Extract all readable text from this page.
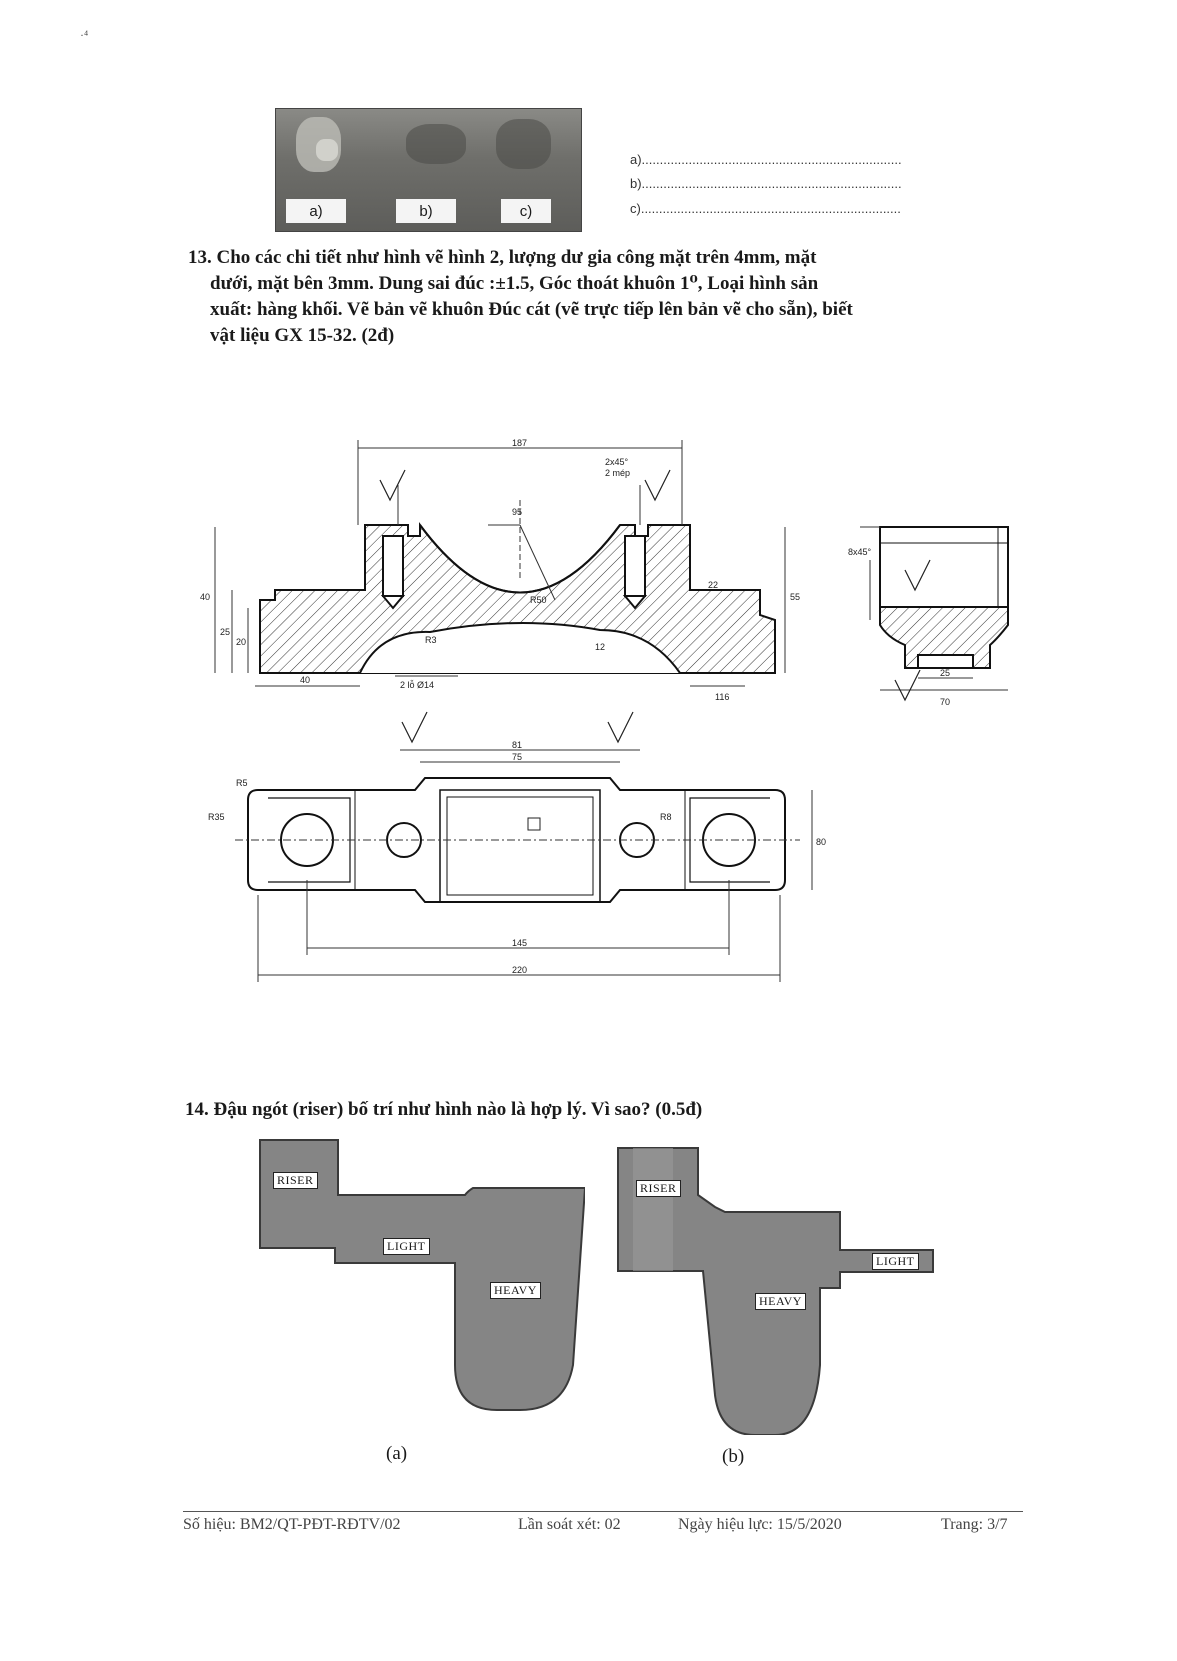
·⁴
a)	b)	c)
a)........................................................................
b)........................................................................
c)........................................................................
13. Cho các chi tiết như hình vẽ hình 2, lượng dư gia công mặt trên 4mm, mặt
dưới, mặt bên 3mm. Dung sai đúc :±1.5, Góc thoát khuôn 1⁰, Loại hình sản
xuất: hàng khối. Vẽ bản vẽ khuôn Đúc cát (vẽ trực tiếp lên bản vẽ cho sẵn), biết
vật liệu GX 15-32. (2đ)
187
2x45°
2 mép
95
40
116
55
40
25
20
2 lỗ Ø14
22
R50
R3
12
81
75
145
220
80
R35
R5
R8
8x45°
25
70
14. Đậu ngót (riser) bố trí như hình nào là hợp lý. Vì sao? (0.5đ)
RISER
LIGHT
HEAVY
(a)
RISER
LIGHT
HEAVY
(b)
Số hiệu: BM2/QT-PĐT-RĐTV/02	Lần soát xét: 02	Ngày hiệu lực: 15/5/2020	Trang: 3/7
